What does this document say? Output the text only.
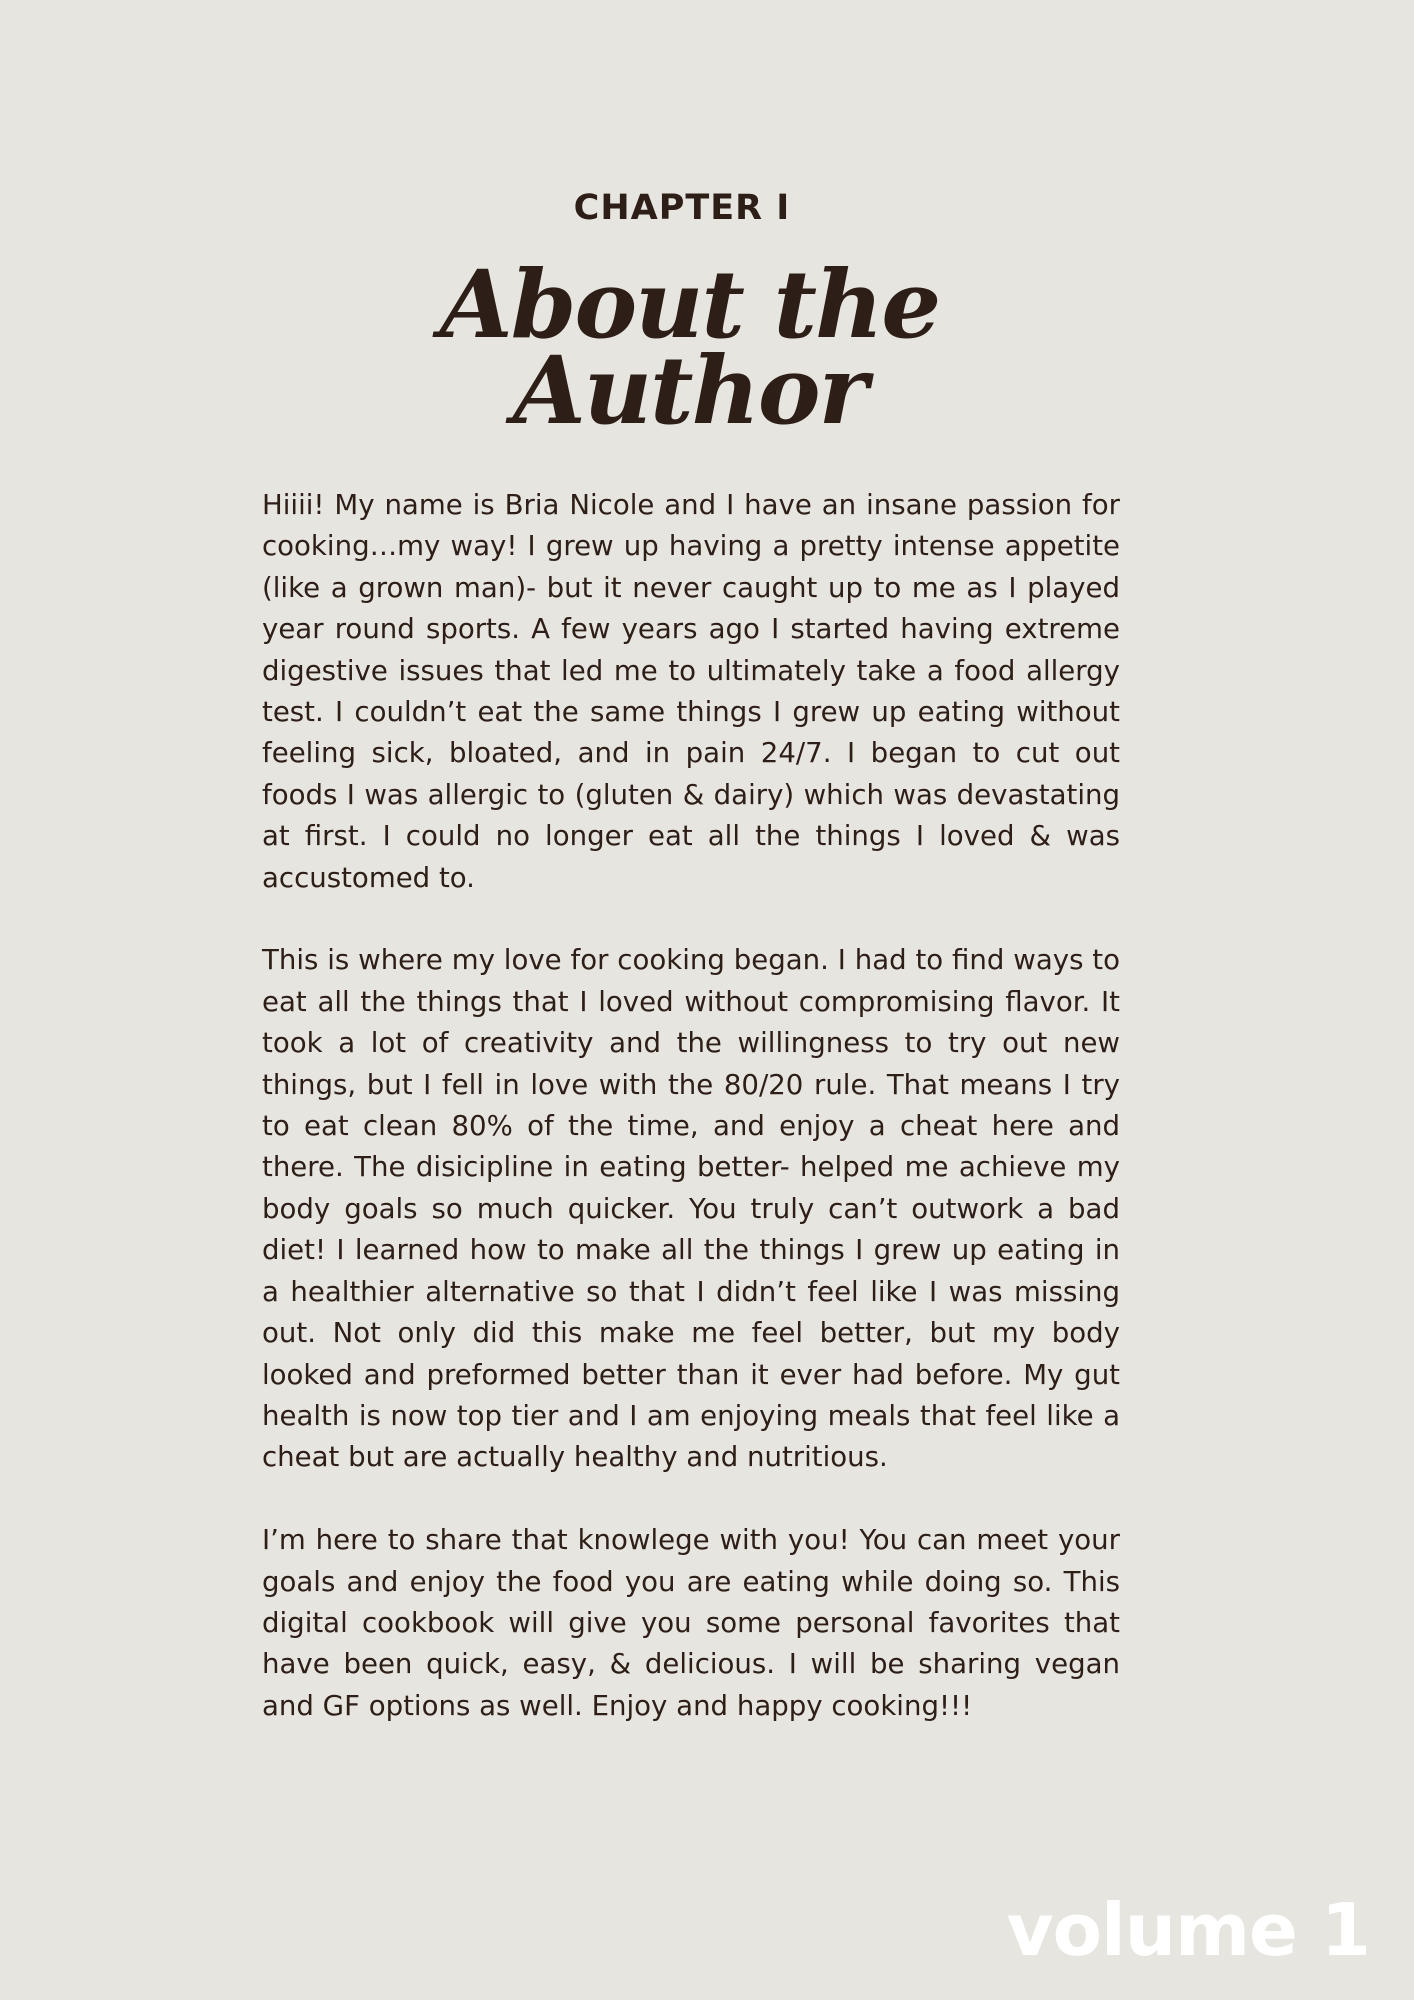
CHAPTER I
About the
Author

Hiiii! My name is Bria Nicole and I have an insane passion for cooking…my way! I grew up having a pretty intense appetite (like a grown man)- but it never caught up to me as I played year round sports. A few years ago I started having extreme digestive issues that led me to ultimately take a food allergy test. I couldn’t eat the same things I grew up eating without feeling sick, bloated, and in pain 24/7. I began to cut out foods I was allergic to (gluten & dairy) which was devastating at first. I could no longer eat all the things I loved & was accustomed to.

This is where my love for cooking began. I had to find ways to eat all the things that I loved without compromising flavor. It took a lot of creativity and the willingness to try out new things, but I fell in love with the 80/20 rule. That means I try to eat clean 80% of the time, and enjoy a cheat here and there. The disicipline in eating better- helped me achieve my body goals so much quicker. You truly can’t outwork a bad diet! I learned how to make all the things I grew up eating in a healthier alternative so that I didn’t feel like I was missing out. Not only did this make me feel better, but my body looked and preformed better than it ever had before. My gut health is now top tier and I am enjoying meals that feel like a cheat but are actually healthy and nutritious.

I’m here to share that knowlege with you! You can meet your goals and enjoy the food you are eating while doing so. This digital cookbook will give you some personal favorites that have been quick, easy, & delicious. I will be sharing vegan and GF options as well. Enjoy and happy cooking!!!

volume 1
